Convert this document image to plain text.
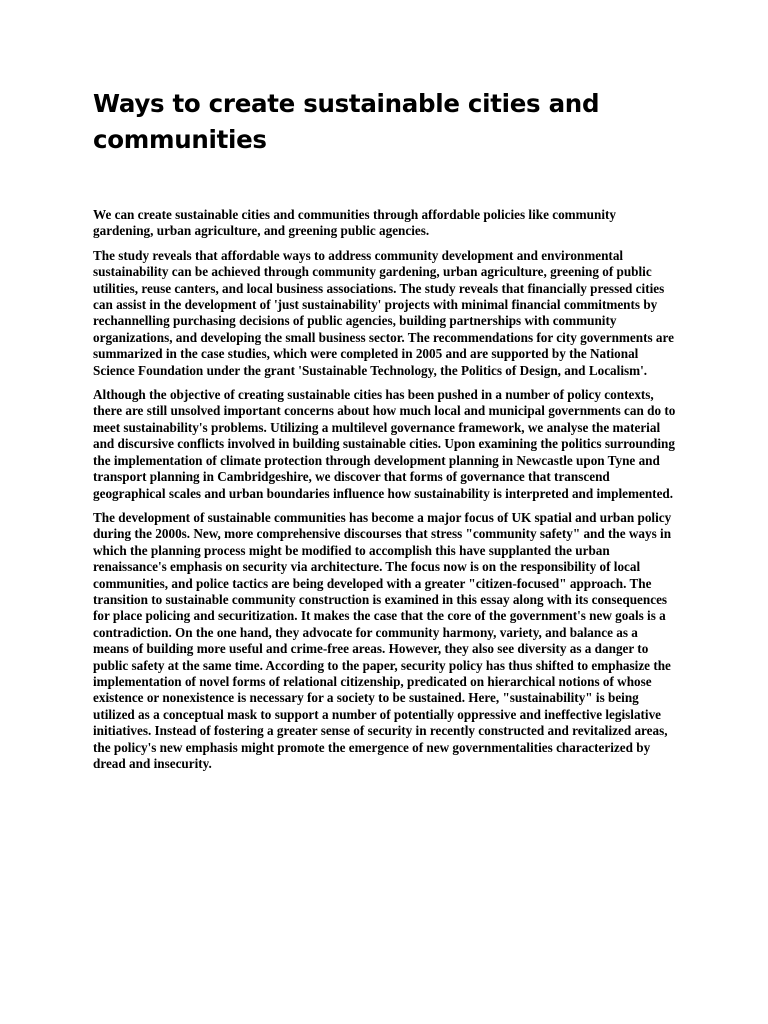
Ways to create sustainable cities and communities

We can create sustainable cities and communities through affordable policies like community gardening, urban agriculture, and greening public agencies.

The study reveals that affordable ways to address community development and environmental sustainability can be achieved through community gardening, urban agriculture, greening of public utilities, reuse canters, and local business associations. The study reveals that financially pressed cities can assist in the development of 'just sustainability' projects with minimal financial commitments by rechannelling purchasing decisions of public agencies, building partnerships with community organizations, and developing the small business sector. The recommendations for city governments are summarized in the case studies, which were completed in 2005 and are supported by the National Science Foundation under the grant 'Sustainable Technology, the Politics of Design, and Localism'.

Although the objective of creating sustainable cities has been pushed in a number of policy contexts, there are still unsolved important concerns about how much local and municipal governments can do to meet sustainability's problems. Utilizing a multilevel governance framework, we analyse the material and discursive conflicts involved in building sustainable cities. Upon examining the politics surrounding the implementation of climate protection through development planning in Newcastle upon Tyne and transport planning in Cambridgeshire, we discover that forms of governance that transcend geographical scales and urban boundaries influence how sustainability is interpreted and implemented.

The development of sustainable communities has become a major focus of UK spatial and urban policy during the 2000s. New, more comprehensive discourses that stress "community safety" and the ways in which the planning process might be modified to accomplish this have supplanted the urban renaissance's emphasis on security via architecture. The focus now is on the responsibility of local communities, and police tactics are being developed with a greater "citizen-focused" approach. The transition to sustainable community construction is examined in this essay along with its consequences for place policing and securitization. It makes the case that the core of the government's new goals is a contradiction. On the one hand, they advocate for community harmony, variety, and balance as a means of building more useful and crime-free areas. However, they also see diversity as a danger to public safety at the same time. According to the paper, security policy has thus shifted to emphasize the implementation of novel forms of relational citizenship, predicated on hierarchical notions of whose existence or nonexistence is necessary for a society to be sustained. Here, "sustainability" is being utilized as a conceptual mask to support a number of potentially oppressive and ineffective legislative initiatives. Instead of fostering a greater sense of security in recently constructed and revitalized areas, the policy's new emphasis might promote the emergence of new governmentalities characterized by dread and insecurity.
